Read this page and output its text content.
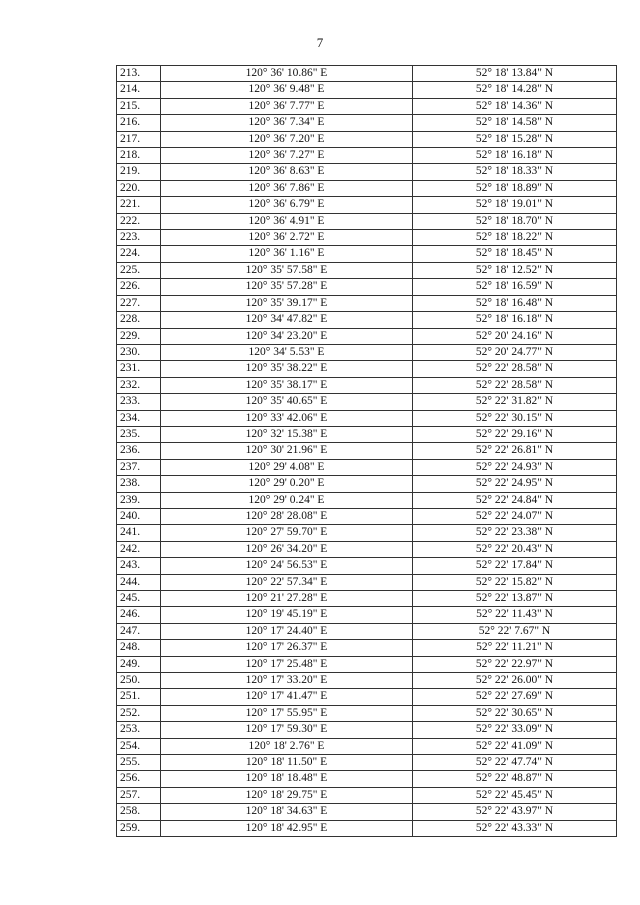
7
213.	120° 36' 10.86" E	52° 18' 13.84" N
214.	120° 36' 9.48" E	52° 18' 14.28" N
215.	120° 36' 7.77" E	52° 18' 14.36" N
216.	120° 36' 7.34" E	52° 18' 14.58" N
217.	120° 36' 7.20" E	52° 18' 15.28" N
218.	120° 36' 7.27" E	52° 18' 16.18" N
219.	120° 36' 8.63" E	52° 18' 18.33" N
220.	120° 36' 7.86" E	52° 18' 18.89" N
221.	120° 36' 6.79" E	52° 18' 19.01" N
222.	120° 36' 4.91" E	52° 18' 18.70" N
223.	120° 36' 2.72" E	52° 18' 18.22" N
224.	120° 36' 1.16" E	52° 18' 18.45" N
225.	120° 35' 57.58" E	52° 18' 12.52" N
226.	120° 35' 57.28" E	52° 18' 16.59" N
227.	120° 35' 39.17" E	52° 18' 16.48" N
228.	120° 34' 47.82" E	52° 18' 16.18" N
229.	120° 34' 23.20" E	52° 20' 24.16" N
230.	120° 34' 5.53" E	52° 20' 24.77" N
231.	120° 35' 38.22" E	52° 22' 28.58" N
232.	120° 35' 38.17" E	52° 22' 28.58" N
233.	120° 35' 40.65" E	52° 22' 31.82" N
234.	120° 33' 42.06" E	52° 22' 30.15" N
235.	120° 32' 15.38" E	52° 22' 29.16" N
236.	120° 30' 21.96" E	52° 22' 26.81" N
237.	120° 29' 4.08" E	52° 22' 24.93" N
238.	120° 29' 0.20" E	52° 22' 24.95" N
239.	120° 29' 0.24" E	52° 22' 24.84" N
240.	120° 28' 28.08" E	52° 22' 24.07" N
241.	120° 27' 59.70" E	52° 22' 23.38" N
242.	120° 26' 34.20" E	52° 22' 20.43" N
243.	120° 24' 56.53" E	52° 22' 17.84" N
244.	120° 22' 57.34" E	52° 22' 15.82" N
245.	120° 21' 27.28" E	52° 22' 13.87" N
246.	120° 19' 45.19" E	52° 22' 11.43" N
247.	120° 17' 24.40" E	52° 22' 7.67" N
248.	120° 17' 26.37" E	52° 22' 11.21" N
249.	120° 17' 25.48" E	52° 22' 22.97" N
250.	120° 17' 33.20" E	52° 22' 26.00" N
251.	120° 17' 41.47" E	52° 22' 27.69" N
252.	120° 17' 55.95" E	52° 22' 30.65" N
253.	120° 17' 59.30" E	52° 22' 33.09" N
254.	120° 18' 2.76" E	52° 22' 41.09" N
255.	120° 18' 11.50" E	52° 22' 47.74" N
256.	120° 18' 18.48" E	52° 22' 48.87" N
257.	120° 18' 29.75" E	52° 22' 45.45" N
258.	120° 18' 34.63" E	52° 22' 43.97" N
259.	120° 18' 42.95" E	52° 22' 43.33" N
